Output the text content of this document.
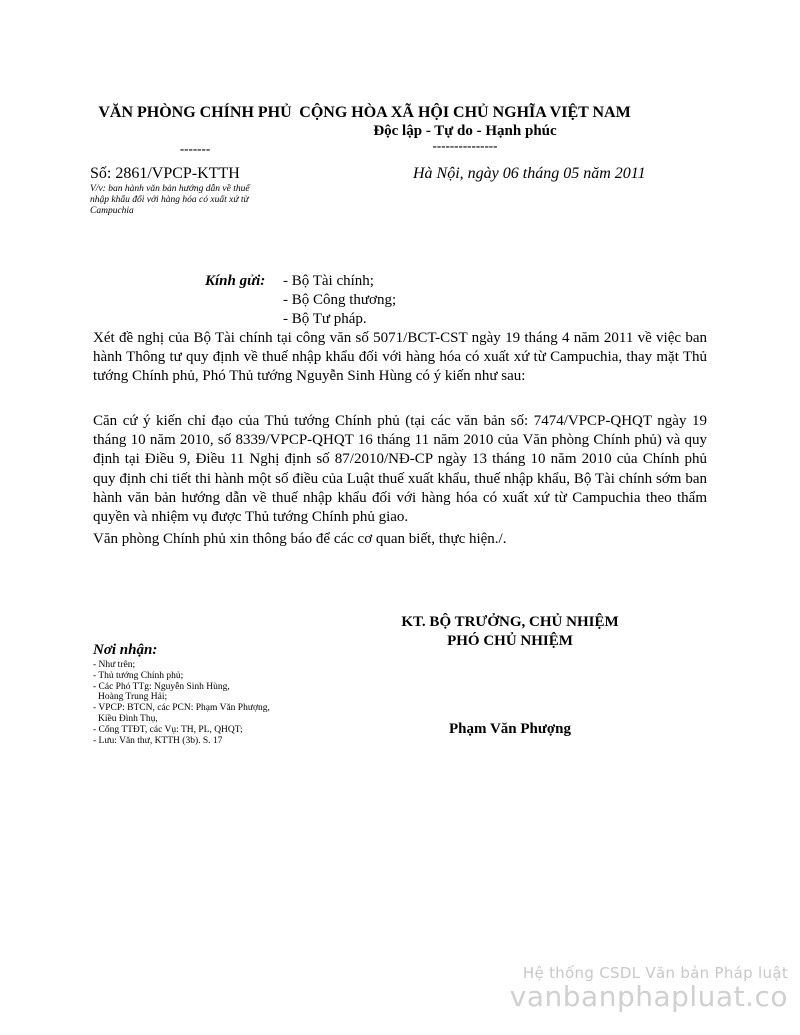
VĂN PHÒNG CHÍNH PHỦ
-------
CỘNG HÒA XÃ HỘI CHỦ NGHĨA VIỆT NAM
Độc lập - Tự do - Hạnh phúc
---------------
Số: 2861/VPCP-KTTH
V/v: ban hành văn bản hướng dẫn về thuế nhập khẩu đối với hàng hóa có xuất xứ từ Campuchia
Hà Nội, ngày 06 tháng 05 năm 2011
Kính gửi: - Bộ Tài chính;
- Bộ Công thương;
- Bộ Tư pháp.
Xét đề nghị của Bộ Tài chính tại công văn số 5071/BCT-CST ngày 19 tháng 4 năm 2011 về việc ban hành Thông tư quy định về thuế nhập khẩu đối với hàng hóa có xuất xứ từ Campuchia, thay mặt Thủ tướng Chính phủ, Phó Thủ tướng Nguyễn Sinh Hùng có ý kiến như sau:
Căn cứ ý kiến chỉ đạo của Thủ tướng Chính phủ (tại các văn bản số: 7474/VPCP-QHQT ngày 19 tháng 10 năm 2010, số 8339/VPCP-QHQT 16 tháng 11 năm 2010 của Văn phòng Chính phủ) và quy định tại Điều 9, Điều 11 Nghị định số 87/2010/NĐ-CP ngày 13 tháng 10 năm 2010 của Chính phủ quy định chi tiết thi hành một số điều của Luật thuế xuất khẩu, thuế nhập khẩu, Bộ Tài chính sớm ban hành văn bản hướng dẫn về thuế nhập khẩu đối với hàng hóa có xuất xứ từ Campuchia theo thẩm quyền và nhiệm vụ được Thủ tướng Chính phủ giao.
Văn phòng Chính phủ xin thông báo để các cơ quan biết, thực hiện./.
KT. BỘ TRƯỞNG, CHỦ NHIỆM
PHÓ CHỦ NHIỆM
Phạm Văn Phượng
Nơi nhận:
- Như trên;
- Thủ tướng Chính phủ;
- Các Phó TTg: Nguyễn Sinh Hùng,
Hoàng Trung Hải;
- VPCP: BTCN, các PCN: Phạm Văn Phượng,
Kiều Đình Thụ,
- Cổng TTĐT, các Vụ: TH, PL, QHQT;
- Lưu: Văn thư, KTTH (3b). S. 17
Hệ thống CSDL Văn bản Pháp luật
vanbanphapluat.co
